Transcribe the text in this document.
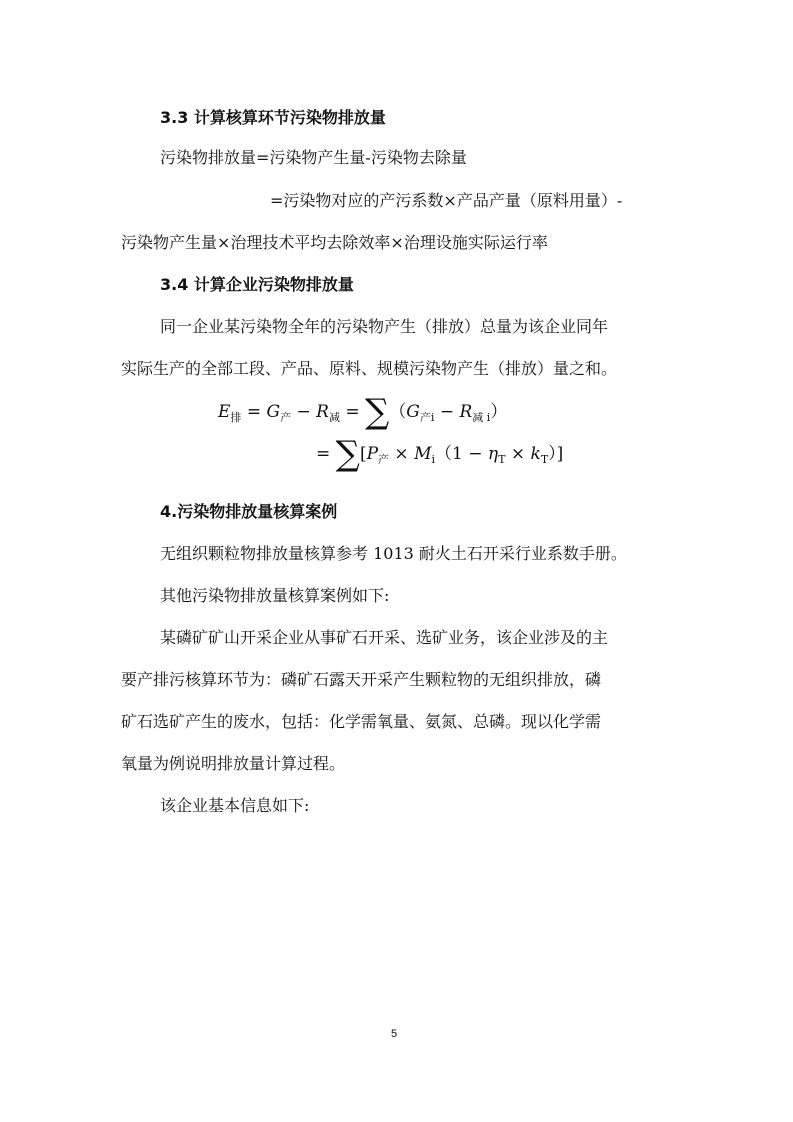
3.3 计算核算环节污染物排放量
污染物排放量=污染物产生量-污染物去除量
=污染物对应的产污系数×产品产量（原料用量）-
污染物产生量×治理技术平均去除效率×治理设施实际运行率
3.4 计算企业污染物排放量
同一企业某污染物全年的污染物产生（排放）总量为该企业同年
实际生产的全部工段、产品、原料、规模污染物产生（排放）量之和。
$E_排 = G_产 - R_减 = \sum(G_{产i} - R_{减 i})$
= $\sum[P_产 \times M_i(1 - \eta_T \times k_T)]$
4.污染物排放量核算案例
无组织颗粒物排放量核算参考 1013 耐火土石开采行业系数手册。
其他污染物排放量核算案例如下:
某磷矿矿山开采企业从事矿石开采、选矿业务，该企业涉及的主
要产排污核算环节为：磷矿石露天开采产生颗粒物的无组织排放，磷
矿石选矿产生的废水，包括：化学需氧量、氨氮、总磷。现以化学需
氧量为例说明排放量计算过程。
该企业基本信息如下:
5
